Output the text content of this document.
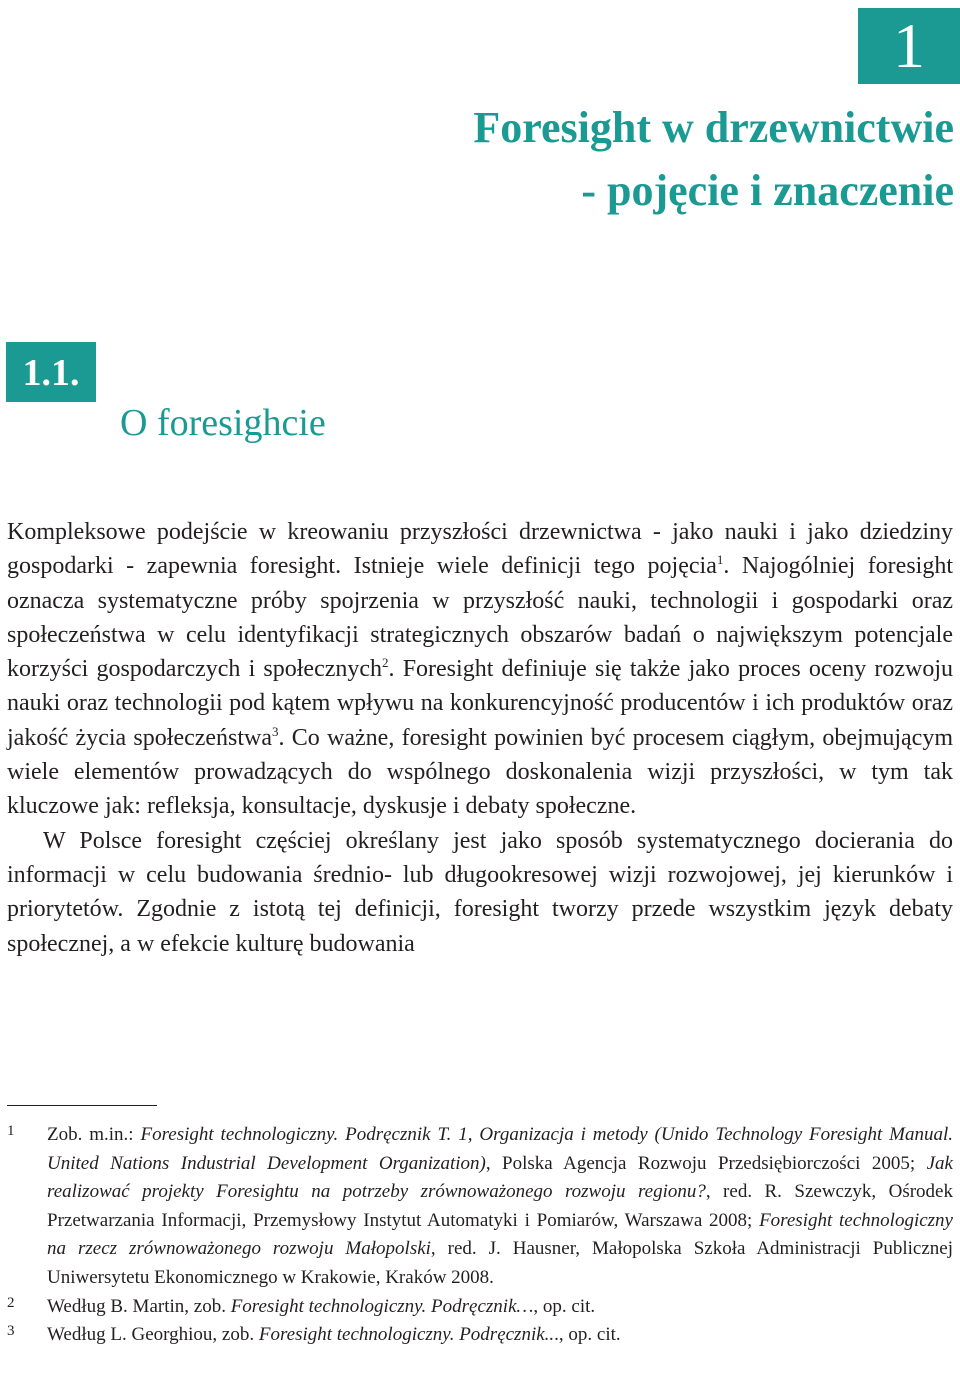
1
Foresight w drzewnictwie
- pojęcie i znaczenie
1.1.
O foresighcie

Kompleksowe podejście w kreowaniu przyszłości drzewnictwa - jako nauki i jako dziedziny gospodarki - zapewnia foresight. Istnieje wiele definicji tego pojęcia$^1$. Najogólniej foresight oznacza systematyczne próby spojrzenia w przyszłość nauki, technologii i gospodarki oraz społeczeństwa w celu identyfikacji strategicznych obszarów badań o największym potencjale korzyści gospodarczych i społecznych$^2$. Foresight definiuje się także jako proces oceny rozwoju nauki oraz technologii pod kątem wpływu na konkurencyjność producentów i ich produktów oraz jakość życia społeczeństwa$^3$. Co ważne, foresight powinien być procesem ciągłym, obejmującym wiele elementów prowadzących do wspólnego doskonalenia wizji przyszłości, w tym tak kluczowe jak: refleksja, konsultacje, dyskusje i debaty społeczne.

W Polsce foresight częściej określany jest jako sposób systematycznego docierania do informacji w celu budowania średnio- lub długookresowej wizji rozwojowej, jej kierunków i priorytetów. Zgodnie z istotą tej definicji, foresight tworzy przede wszystkim język debaty społecznej, a w efekcie kulturę budowania

1 Zob. m.in.: Foresight technologiczny. Podręcznik T. 1, Organizacja i metody (Unido Technology Foresight Manual. United Nations Industrial Development Organization), Polska Agencja Rozwoju Przedsiębiorczości 2005; Jak realizować projekty Foresightu na potrzeby zrównoważonego rozwoju regionu?, red. R. Szewczyk, Ośrodek Przetwarzania Informacji, Przemysłowy Instytut Automatyki i Pomiarów, Warszawa 2008; Foresight technologiczny na rzecz zrównoważonego rozwoju Małopolski, red. J. Hausner, Małopolska Szkoła Administracji Publicznej Uniwersytetu Ekonomicznego w Krakowie, Kraków 2008.
2 Według B. Martin, zob. Foresight technologiczny. Podręcznik…, op. cit.
3 Według L. Georghiou, zob. Foresight technologiczny. Podręcznik..., op. cit.
